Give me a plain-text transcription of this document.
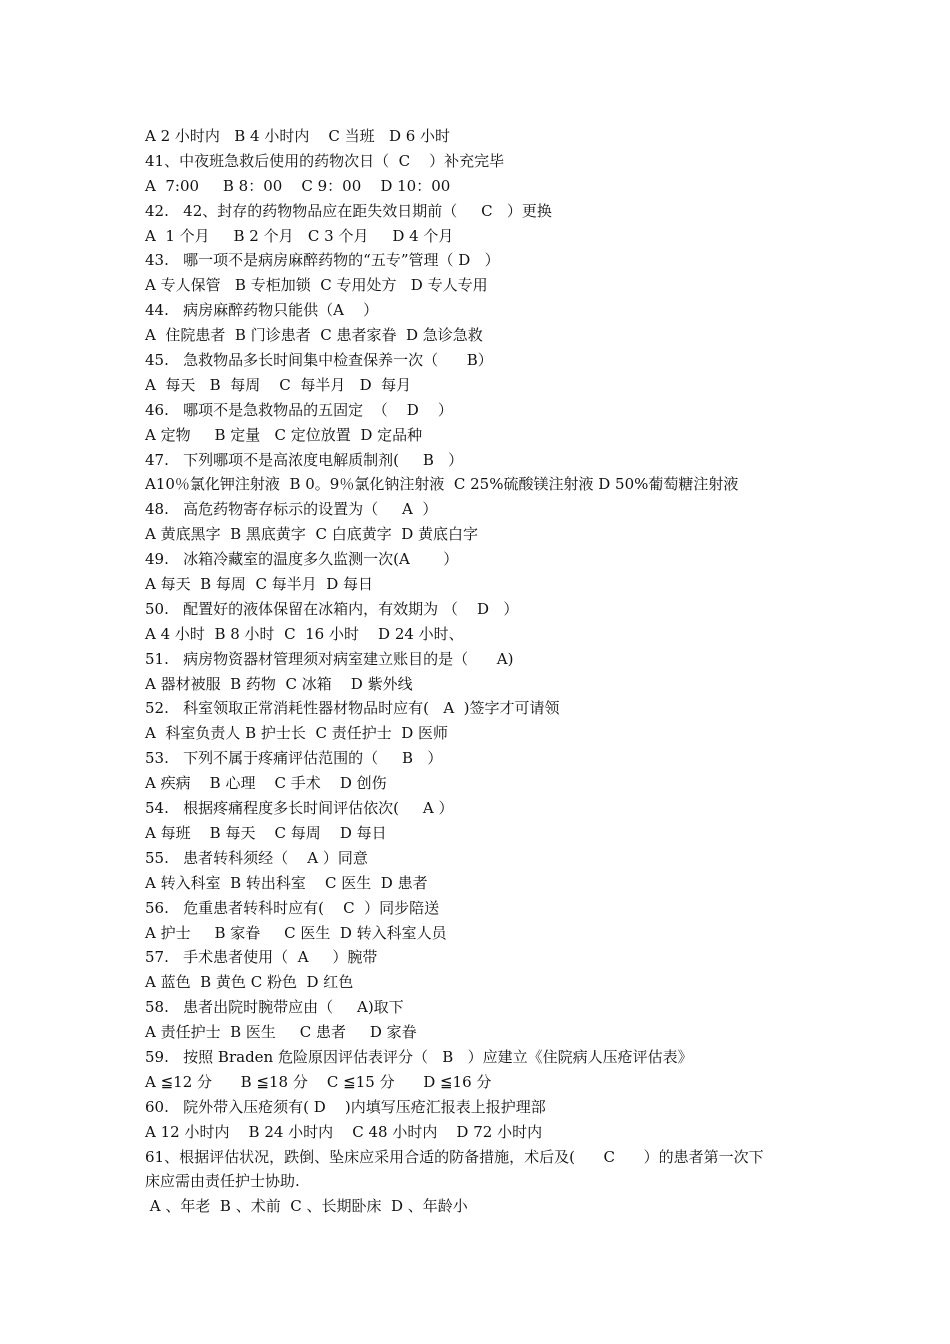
A 2 小时内   B 4 小时内    C 当班   D 6 小时
41、中夜班急救后使用的药物次日（  C    ）补充完毕
A  7:00     B 8：00    C 9：00    D 10：00
42.   42、封存的药物物品应在距失效日期前（     C   ）更换
A  1 个月     B 2 个月   C 3 个月     D 4 个月
43.   哪一项不是病房麻醉药物的“五专”管理（ D   ）
A 专人保管   B 专柜加锁  C 专用处方   D 专人专用
44.   病房麻醉药物只能供（A    ）
A  住院患者  B 门诊患者  C 患者家眷  D 急诊急救
45.   急救物品多长时间集中检查保养一次（      B）
A  每天   B  每周    C  每半月   D  每月
46.   哪项不是急救物品的五固定  （    D    ）
A 定物     B 定量   C 定位放置  D 定品种
47.   下列哪项不是高浓度电解质制剂(     B   ）
A10％氯化钾注射液  B 0。9％氯化钠注射液  C 25%硫酸镁注射液 D 50%葡萄糖注射液
48.   高危药物寄存标示的设置为（     A  ）
A 黄底黑字  B 黑底黄字  C 白底黄字  D 黄底白字
49.   冰箱冷藏室的温度多久监测一次(A       ）
A 每天  B 每周  C 每半月  D 每日
50.   配置好的液体保留在冰箱内，有效期为 （    D   ）
A 4 小时  B 8 小时  C  16 小时    D 24 小时、
51.   病房物资器材管理须对病室建立账目的是（      A)
A 器材被服  B 药物  C 冰箱    D 紫外线
52.   科室领取正常消耗性器材物品时应有(   A  )签字才可请领
A  科室负责人 B 护士长  C 责任护士  D 医师
53.   下列不属于疼痛评估范围的（     B   ）
A 疾病    B 心理    C 手术    D 创伤
54.   根据疼痛程度多长时间评估依次(     A ）
A 每班    B 每天    C 每周    D 每日
55.   患者转科须经（    A ）同意
A 转入科室  B 转出科室    C 医生  D 患者
56.   危重患者转科时应有(    C  ）同步陪送
A 护士     B 家眷     C 医生  D 转入科室人员
57.   手术患者使用（  A     ）腕带
A 蓝色  B 黄色 C 粉色  D 红色
58.   患者出院时腕带应由（     A)取下
A 责任护士  B 医生     C 患者     D 家眷
59.   按照 Braden 危险原因评估表评分（   B   ）应建立《住院病人压疮评估表》
A ≦12 分      B ≦18 分    C ≦15 分      D ≦16 分
60.   院外带入压疮须有( D    )内填写压疮汇报表上报护理部
A 12 小时内    B 24 小时内    C 48 小时内    D 72 小时内
61、根据评估状况，跌倒、坠床应采用合适的防备措施，术后及(      C      ）的患者第一次下
床应需由责任护士协助.
A 、年老  B 、术前  C 、长期卧床  D 、年龄小
